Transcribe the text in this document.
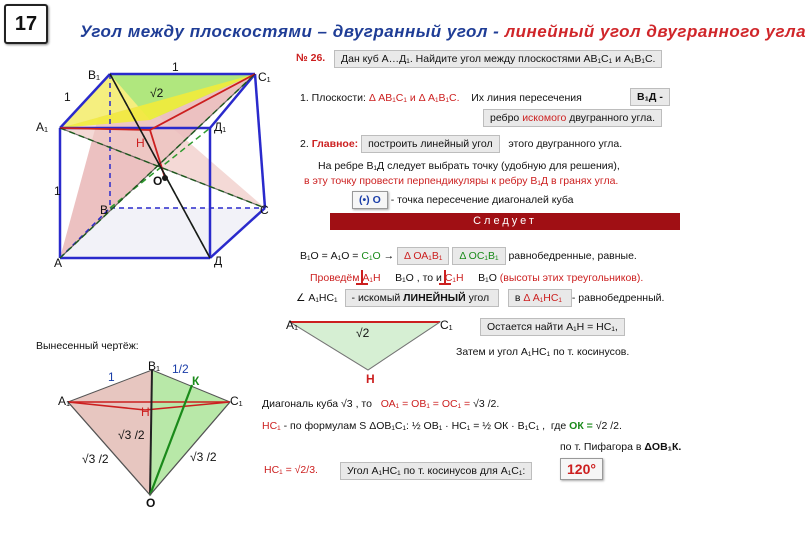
17	Угол между плоскостями – двугранный угол - линейный угол двугранного угла
В₁	С₁
А₁	Д₁
А
В	С
Д
Н
О
1
1
1
√2
№ 26.	Дан куб А…Д₁. Найдите угол между плоскостями АВ₁С₁ и А₁В₁С.
1. Плоскости: Δ АВ₁С₁ и Δ А₁В₁С. Их линия пересечения	В₁Д -
ребро искомого двугранного угла.
2. Главное: построить линейный угол этого двугранного угла.
На ребре В₁Д следует выбрать точку (удобную для решения),
в эту точку провести перпендикуляры к ребру В₁Д в гранях угла.
(•) О - точка пересечение диагоналей куба
Следует
В₁О = А₁О = С₁О → Δ ОА₁В₁ Δ ОС₁В₁ равнобедренные, равные.
Проведём А₁Н В₁О , то и С₁Н В₁О (высоты этих треугольников).
∠ А₁НС₁ - искомый ЛИНЕЙНЫЙ угол в Δ А₁НС₁ - равнобедренный.
А₁	С₁
Н
√2	Остается найти А₁Н = НС₁,
Затем и угол А₁НС₁ по т. косинусов.
Вынесенный чертёж:
В₁
А₁	С₁
О
Н
К
1
1/2
√3 /2
√3 /2	√3 /2
Диагональ куба √3 , то ОА₁ = ОВ₁ = ОС₁ = √3 /2.
НС₁ - по формулам S ΔОВ₁С₁: ½ ОВ₁ · НС₁ = ½ ОК · В₁С₁ , где ОК = √2 /2.
по т. Пифагора в ΔОВ₁К.
НС₁ = √2/3.	Угол А₁НС₁ по т. косинусов для А₁С₁:	120°
